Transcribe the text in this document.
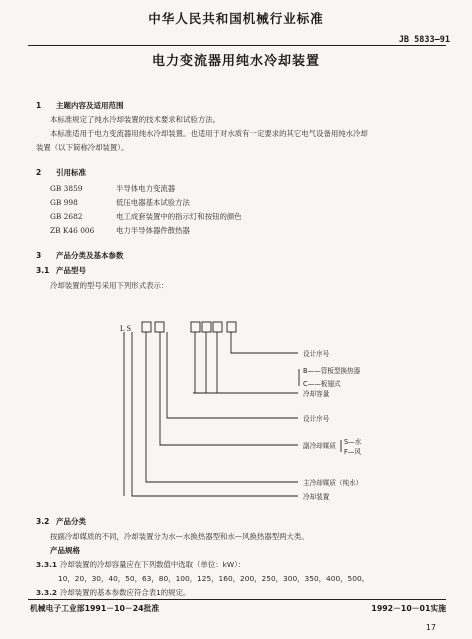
中华人民共和国机械行业标准
JB 5833—91
电力变流器用纯水冷却装置
1 主题内容及适用范围
本标准规定了纯水冷却装置的技术要求和试验方法。
本标准适用于电力变流器用纯水冷却装置。也适用于对水质有一定要求的其它电气设备用纯水冷却
装置（以下简称冷却装置）。
2 引用标准
GB 3859	半导体电力变流器
GB 998	低压电器基本试验方法
GB 2682	电工成套装置中的指示灯和按钮的颜色
ZB K46 006	电力半导体器件散热器
3 产品分类及基本参数
3.1 产品型号
冷却装置的型号采用下列形式表示：
L S
设计序号
B——管板型换热器
C——板翅式
冷却容量
设计序号
副冷却媒质 S—水
F—风
主冷却媒质（纯水）
冷却装置
3.2 产品分类
按副冷却媒质的不同，冷却装置分为水—水换热器型和水—风换热器型两大类。
产品规格
3.3.1 冷却装置的冷却容量应在下列数值中选取（单位：kW）：
10，20，30，40，50，63，80，100，125，160，200，250，300，350，400，500。
3.3.2 冷却装置的基本参数应符合表1的规定。
机械电子工业部1991－10－24批准	1992－10－01实施
17
